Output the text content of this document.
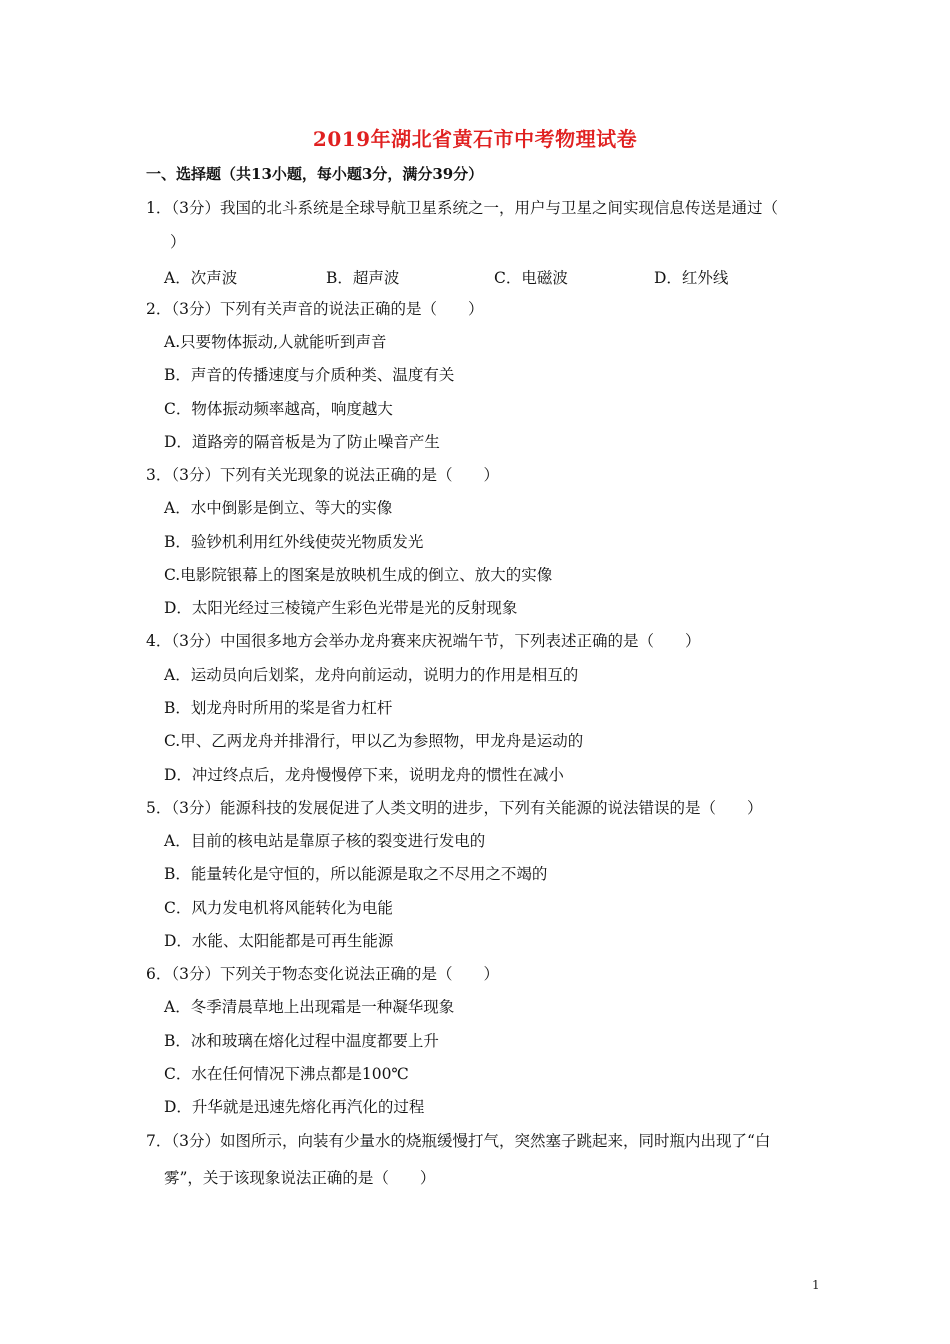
2019年湖北省黄石市中考物理试卷
一、选择题（共13小题，每小题3分，满分39分）
1．（3分）我国的北斗系统是全球导航卫星系统之一，用户与卫星之间实现信息传送是通过（
）
A．次声波	B．超声波	C．电磁波	D．红外线
2．（3分）下列有关声音的说法正确的是（　　）
A.只要物体振动,人就能听到声音
B．声音的传播速度与介质种类、温度有关
C．物体振动频率越高，响度越大
D．道路旁的隔音板是为了防止噪音产生
3．（3分）下列有关光现象的说法正确的是（　　）
A．水中倒影是倒立、等大的实像
B．验钞机利用红外线使荧光物质发光
C.电影院银幕上的图案是放映机生成的倒立、放大的实像
D．太阳光经过三棱镜产生彩色光带是光的反射现象
4．（3分）中国很多地方会举办龙舟赛来庆祝端午节，下列表述正确的是（　　）
A．运动员向后划桨，龙舟向前运动，说明力的作用是相互的
B．划龙舟时所用的桨是省力杠杆
C.甲、乙两龙舟并排滑行，甲以乙为参照物，甲龙舟是运动的
D．冲过终点后，龙舟慢慢停下来，说明龙舟的惯性在减小
5．（3分）能源科技的发展促进了人类文明的进步，下列有关能源的说法错误的是（　　）
A．目前的核电站是靠原子核的裂变进行发电的
B．能量转化是守恒的，所以能源是取之不尽用之不竭的
C．风力发电机将风能转化为电能
D．水能、太阳能都是可再生能源
6．（3分）下列关于物态变化说法正确的是（　　）
A．冬季清晨草地上出现霜是一种凝华现象
B．冰和玻璃在熔化过程中温度都要上升
C．水在任何情况下沸点都是100℃
D．升华就是迅速先熔化再汽化的过程
7．（3分）如图所示，向装有少量水的烧瓶缓慢打气，突然塞子跳起来，同时瓶内出现了“白
雾”，关于该现象说法正确的是（　　）
1
